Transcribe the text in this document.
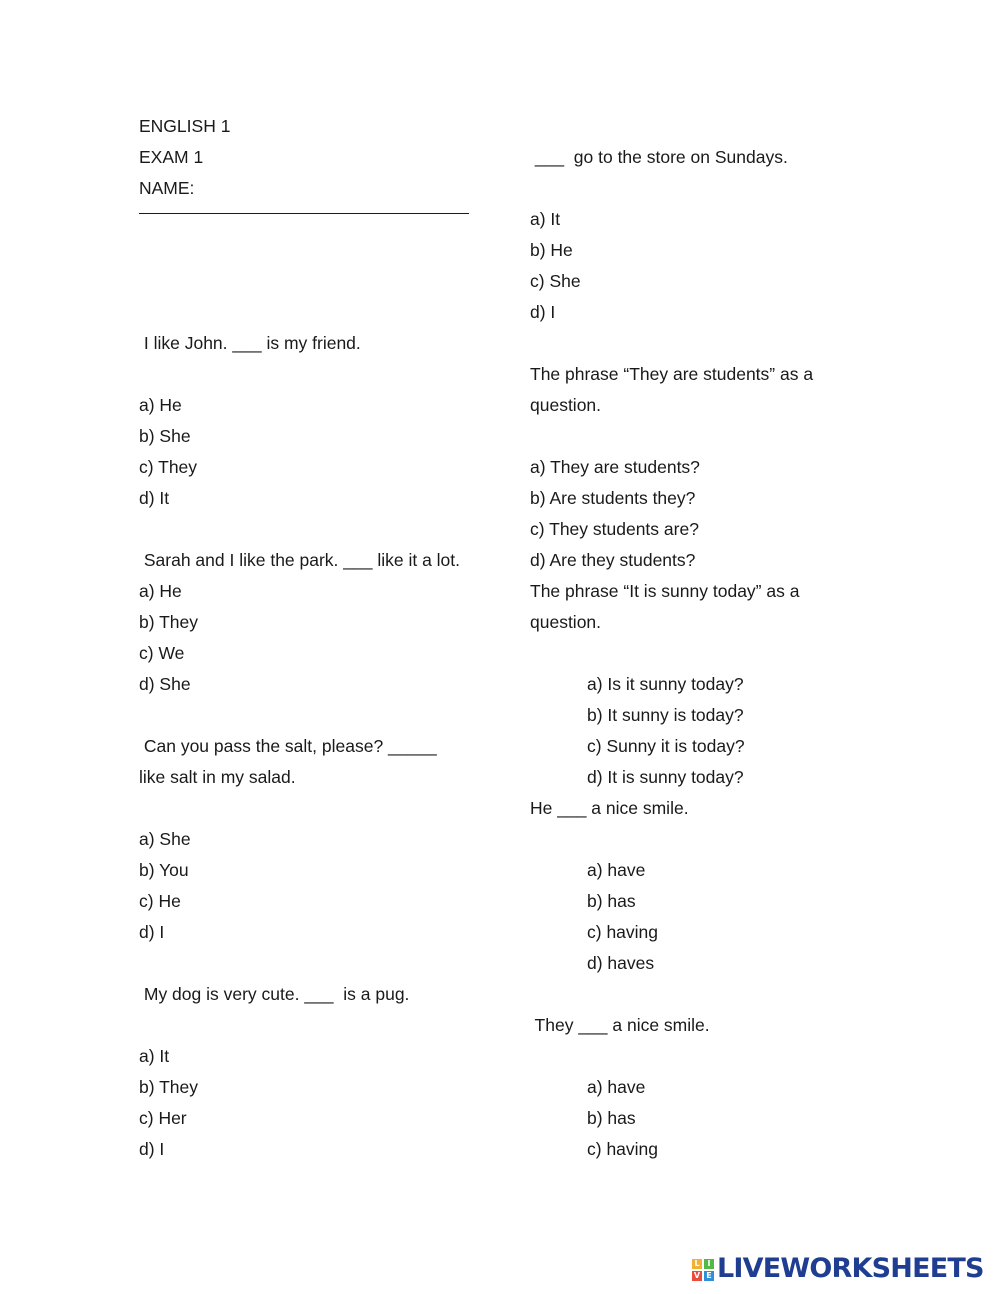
ENGLISH 1

EXAM 1

NAME:

I like John. ___ is my friend.

a) He

b) She

c) They

d) It

Sarah and I like the park. ___ like it a lot.

a) He

b) They

c) We

d) She

Can you pass the salt, please? _____

like salt in my salad.

a) She

b) You

c) He

d) I

My dog is very cute. ___  is a pug.

a) It

b) They

c) Her

d) I

___  go to the store on Sundays.

a) It

b) He

c) She

d) I

The phrase “They are students” as a

question.

a) They are students?

b) Are students they?

c) They students are?

d) Are they students?

The phrase “It is sunny today” as a

question.

a) Is it sunny today?

b) It sunny is today?

c) Sunny it is today?

d) It is sunny today?

He ___ a nice smile.

a) have

b) has

c) having

d) haves

They ___ a nice smile.

a) have

b) has

c) having

L I
V E LIVEWORKSHEETS
